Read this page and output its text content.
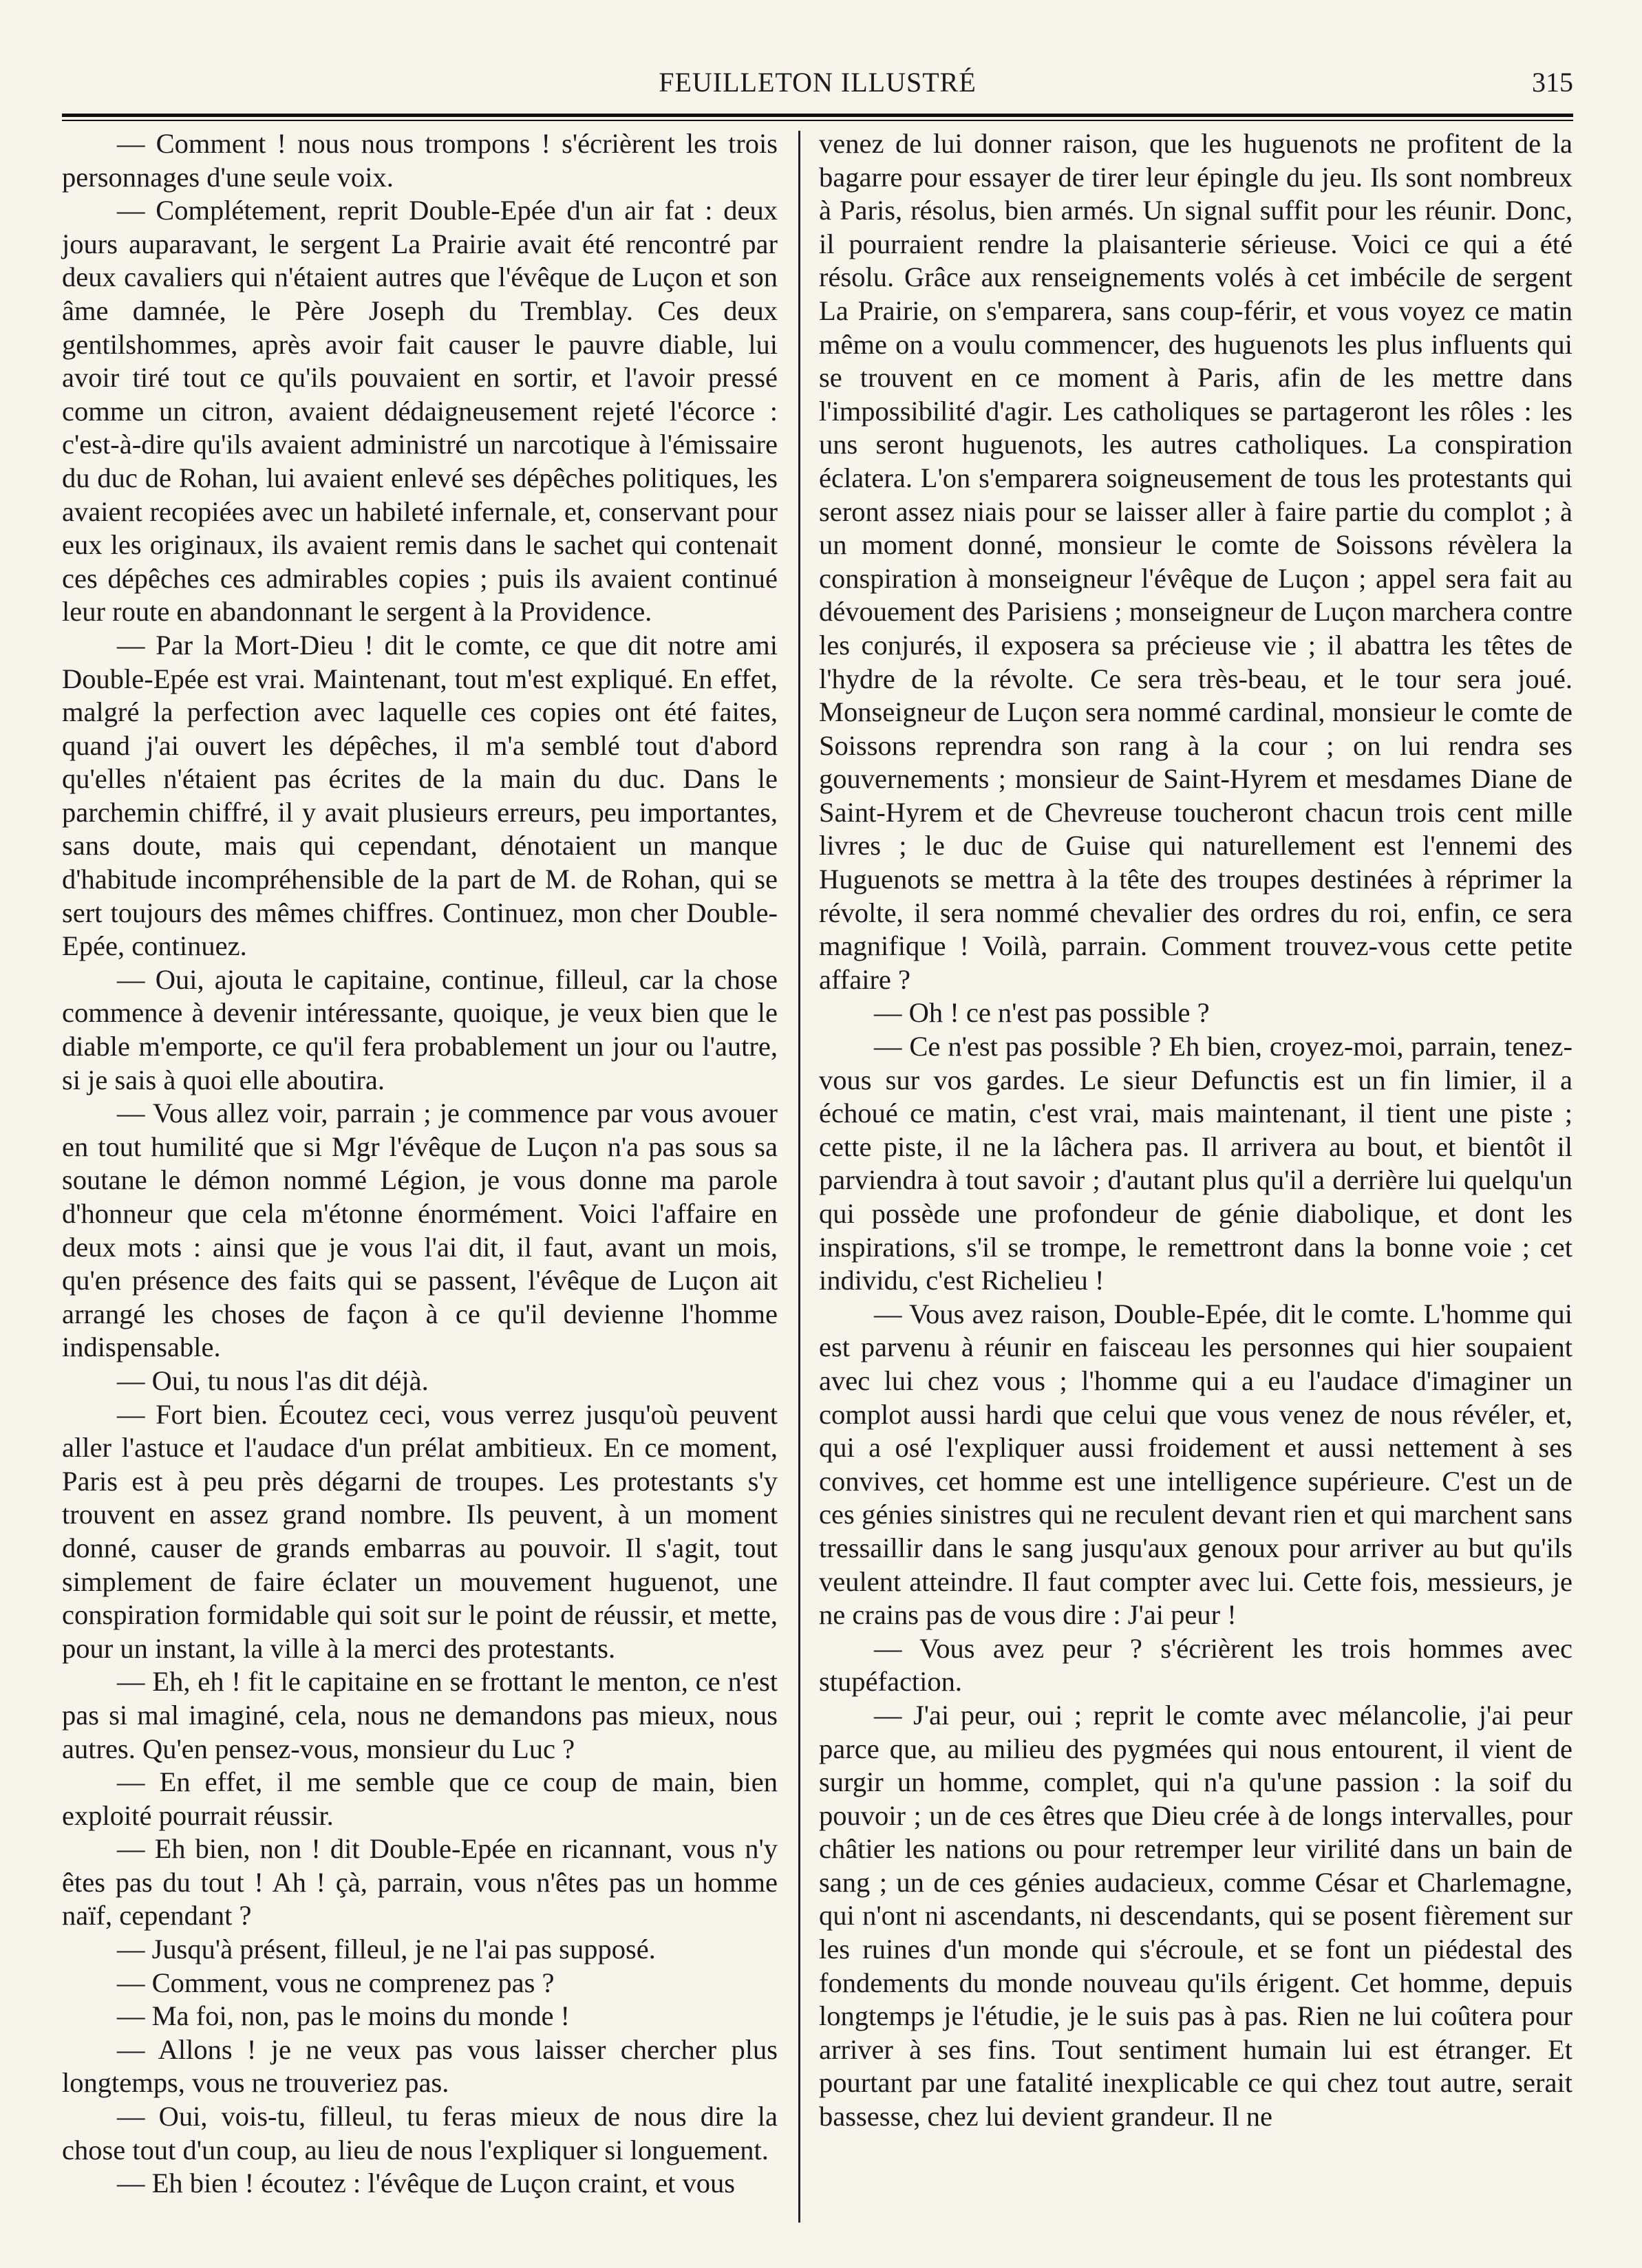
FEUILLETON ILLUSTRÉ	315

— Comment ! nous nous trompons ! s'écrièrent les trois personnages d'une seule voix.

— Complétement, reprit Double-Epée d'un air fat : deux jours auparavant, le sergent La Prairie avait été rencontré par deux cavaliers qui n'étaient autres que l'évêque de Luçon et son âme damnée, le Père Joseph du Tremblay. Ces deux gentilshommes, après avoir fait causer le pauvre diable, lui avoir tiré tout ce qu'ils pouvaient en sortir, et l'avoir pressé comme un citron, avaient dédaigneusement rejeté l'écorce : c'est-à-dire qu'ils avaient administré un narcotique à l'émissaire du duc de Rohan, lui avaient enlevé ses dépêches politiques, les avaient recopiées avec un habileté infernale, et, conservant pour eux les originaux, ils avaient remis dans le sachet qui contenait ces dépêches ces admirables copies ; puis ils avaient continué leur route en abandonnant le sergent à la Providence.

— Par la Mort-Dieu ! dit le comte, ce que dit notre ami Double-Epée est vrai. Maintenant, tout m'est expliqué. En effet, malgré la perfection avec laquelle ces copies ont été faites, quand j'ai ouvert les dépêches, il m'a semblé tout d'abord qu'elles n'étaient pas écrites de la main du duc. Dans le parchemin chiffré, il y avait plusieurs erreurs, peu importantes, sans doute, mais qui cependant, dénotaient un manque d'habitude incompréhensible de la part de M. de Rohan, qui se sert toujours des mêmes chiffres. Continuez, mon cher Double-Epée, continuez.

— Oui, ajouta le capitaine, continue, filleul, car la chose commence à devenir intéressante, quoique, je veux bien que le diable m'emporte, ce qu'il fera probablement un jour ou l'autre, si je sais à quoi elle aboutira.

— Vous allez voir, parrain ; je commence par vous avouer en tout humilité que si Mgr l'évêque de Luçon n'a pas sous sa soutane le démon nommé Légion, je vous donne ma parole d'honneur que cela m'étonne énormément. Voici l'affaire en deux mots : ainsi que je vous l'ai dit, il faut, avant un mois, qu'en présence des faits qui se passent, l'évêque de Luçon ait arrangé les choses de façon à ce qu'il devienne l'homme indispensable.

— Oui, tu nous l'as dit déjà.

— Fort bien. Écoutez ceci, vous verrez jusqu'où peuvent aller l'astuce et l'audace d'un prélat ambitieux. En ce moment, Paris est à peu près dégarni de troupes. Les protestants s'y trouvent en assez grand nombre. Ils peuvent, à un moment donné, causer de grands embarras au pouvoir. Il s'agit, tout simplement de faire éclater un mouvement huguenot, une conspiration formidable qui soit sur le point de réussir, et mette, pour un instant, la ville à la merci des protestants.

— Eh, eh ! fit le capitaine en se frottant le menton, ce n'est pas si mal imaginé, cela, nous ne demandons pas mieux, nous autres. Qu'en pensez-vous, monsieur du Luc ?

— En effet, il me semble que ce coup de main, bien exploité pourrait réussir.

— Eh bien, non ! dit Double-Epée en ricannant, vous n'y êtes pas du tout ! Ah ! çà, parrain, vous n'êtes pas un homme naïf, cependant ?

— Jusqu'à présent, filleul, je ne l'ai pas supposé.

— Comment, vous ne comprenez pas ?

— Ma foi, non, pas le moins du monde !

— Allons ! je ne veux pas vous laisser chercher plus longtemps, vous ne trouveriez pas.

— Oui, vois-tu, filleul, tu feras mieux de nous dire la chose tout d'un coup, au lieu de nous l'expliquer si longuement.

— Eh bien ! écoutez : l'évêque de Luçon craint, et vous

venez de lui donner raison, que les huguenots ne profitent de la bagarre pour essayer de tirer leur épingle du jeu. Ils sont nombreux à Paris, résolus, bien armés. Un signal suffit pour les réunir. Donc, il pourraient rendre la plaisanterie sérieuse. Voici ce qui a été résolu. Grâce aux renseignements volés à cet imbécile de sergent La Prairie, on s'emparera, sans coup-férir, et vous voyez ce matin même on a voulu commencer, des huguenots les plus influents qui se trouvent en ce moment à Paris, afin de les mettre dans l'impossibilité d'agir. Les catholiques se partageront les rôles : les uns seront huguenots, les autres catholiques. La conspiration éclatera. L'on s'emparera soigneusement de tous les protestants qui seront assez niais pour se laisser aller à faire partie du complot ; à un moment donné, monsieur le comte de Soissons révèlera la conspiration à monseigneur l'évêque de Luçon ; appel sera fait au dévouement des Parisiens ; monseigneur de Luçon marchera contre les conjurés, il exposera sa précieuse vie ; il abattra les têtes de l'hydre de la révolte. Ce sera très-beau, et le tour sera joué. Monseigneur de Luçon sera nommé cardinal, monsieur le comte de Soissons reprendra son rang à la cour ; on lui rendra ses gouvernements ; monsieur de Saint-Hyrem et mesdames Diane de Saint-Hyrem et de Chevreuse toucheront chacun trois cent mille livres ; le duc de Guise qui naturellement est l'ennemi des Huguenots se mettra à la tête des troupes destinées à réprimer la révolte, il sera nommé chevalier des ordres du roi, enfin, ce sera magnifique ! Voilà, parrain. Comment trouvez-vous cette petite affaire ?

— Oh ! ce n'est pas possible ?

— Ce n'est pas possible ? Eh bien, croyez-moi, parrain, tenez-vous sur vos gardes. Le sieur Defunctis est un fin limier, il a échoué ce matin, c'est vrai, mais maintenant, il tient une piste ; cette piste, il ne la lâchera pas. Il arrivera au bout, et bientôt il parviendra à tout savoir ; d'autant plus qu'il a derrière lui quelqu'un qui possède une profondeur de génie diabolique, et dont les inspirations, s'il se trompe, le remettront dans la bonne voie ; cet individu, c'est Richelieu !

— Vous avez raison, Double-Epée, dit le comte. L'homme qui est parvenu à réunir en faisceau les personnes qui hier soupaient avec lui chez vous ; l'homme qui a eu l'audace d'imaginer un complot aussi hardi que celui que vous venez de nous révéler, et, qui a osé l'expliquer aussi froidement et aussi nettement à ses convives, cet homme est une intelligence supérieure. C'est un de ces génies sinistres qui ne reculent devant rien et qui marchent sans tressaillir dans le sang jusqu'aux genoux pour arriver au but qu'ils veulent atteindre. Il faut compter avec lui. Cette fois, messieurs, je ne crains pas de vous dire : J'ai peur !

— Vous avez peur ? s'écrièrent les trois hommes avec stupéfaction.

— J'ai peur, oui ; reprit le comte avec mélancolie, j'ai peur parce que, au milieu des pygmées qui nous entourent, il vient de surgir un homme, complet, qui n'a qu'une passion : la soif du pouvoir ; un de ces êtres que Dieu crée à de longs intervalles, pour châtier les nations ou pour retremper leur virilité dans un bain de sang ; un de ces génies audacieux, comme César et Charlemagne, qui n'ont ni ascendants, ni descendants, qui se posent fièrement sur les ruines d'un monde qui s'écroule, et se font un piédestal des fondements du monde nouveau qu'ils érigent. Cet homme, depuis longtemps je l'étudie, je le suis pas à pas. Rien ne lui coûtera pour arriver à ses fins. Tout sentiment humain lui est étranger. Et pourtant par une fatalité inexplicable ce qui chez tout autre, serait bassesse, chez lui devient grandeur. Il ne
